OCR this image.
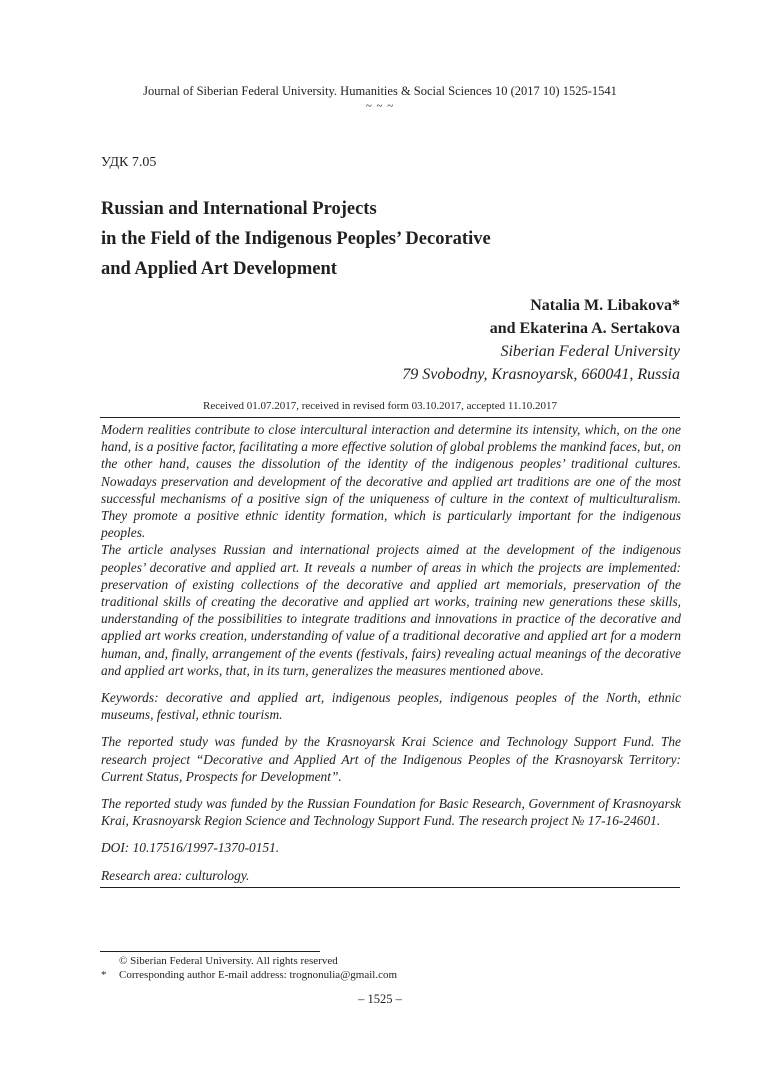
Journal of Siberian Federal University. Humanities & Social Sciences 10 (2017 10) 1525-1541
~ ~ ~
УДК 7.05
Russian and International Projects
in the Field of the Indigenous Peoples’ Decorative
and Applied Art Development
Natalia M. Libakova*
and Ekaterina A. Sertakova
Siberian Federal University
79 Svobodny, Krasnoyarsk, 660041, Russia
Received 01.07.2017, received in revised form 03.10.2017, accepted 11.10.2017

Modern realities contribute to close intercultural interaction and determine its intensity, which, on the one hand, is a positive factor, facilitating a more effective solution of global problems the mankind faces, but, on the other hand, causes the dissolution of the identity of the indigenous peoples’ traditional cultures. Nowadays preservation and development of the decorative and applied art traditions are one of the most successful mechanisms of a positive sign of the uniqueness of culture in the context of multiculturalism. They promote a positive ethnic identity formation, which is particularly important for the indigenous peoples.

The article analyses Russian and international projects aimed at the development of the indigenous peoples’ decorative and applied art. It reveals a number of areas in which the projects are implemented: preservation of existing collections of the decorative and applied art memorials, preservation of the traditional skills of creating the decorative and applied art works, training new generations these skills, understanding of the possibilities to integrate traditions and innovations in practice of the decorative and applied art works creation, understanding of value of a traditional decorative and applied art for a modern human, and, finally, arrangement of the events (festivals, fairs) revealing actual meanings of the decorative and applied art works, that, in its turn, generalizes the measures mentioned above.

Keywords: decorative and applied art, indigenous peoples, indigenous peoples of the North, ethnic museums, festival, ethnic tourism.

The reported study was funded by the Krasnoyarsk Krai Science and Technology Support Fund. The research project “Decorative and Applied Art of the Indigenous Peoples of the Krasnoyarsk Territory: Current Status, Prospects for Development”.

The reported study was funded by the Russian Foundation for Basic Research, Government of Krasnoyarsk Krai, Krasnoyarsk Region Science and Technology Support Fund. The research project № 17-16-24601.

DOI: 10.17516/1997-1370-0151.

Research area: culturology.

© Siberian Federal University. All rights reserved
* Corresponding author E-mail address: trognonulia@gmail.com
– 1525 –
